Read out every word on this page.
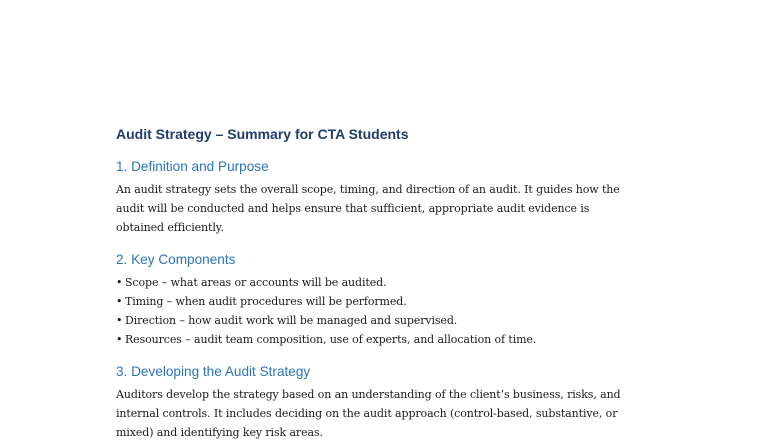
Audit Strategy – Summary for CTA Students
1. Definition and Purpose

An audit strategy sets the overall scope, timing, and direction of an audit. It guides how the
audit will be conducted and helps ensure that sufficient, appropriate audit evidence is
obtained efficiently.

2. Key Components
• Scope – what areas or accounts will be audited.
• Timing – when audit procedures will be performed.
• Direction – how audit work will be managed and supervised.
• Resources – audit team composition, use of experts, and allocation of time.
3. Developing the Audit Strategy

Auditors develop the strategy based on an understanding of the client’s business, risks, and
internal controls. It includes deciding on the audit approach (control-based, substantive, or
mixed) and identifying key risk areas.
